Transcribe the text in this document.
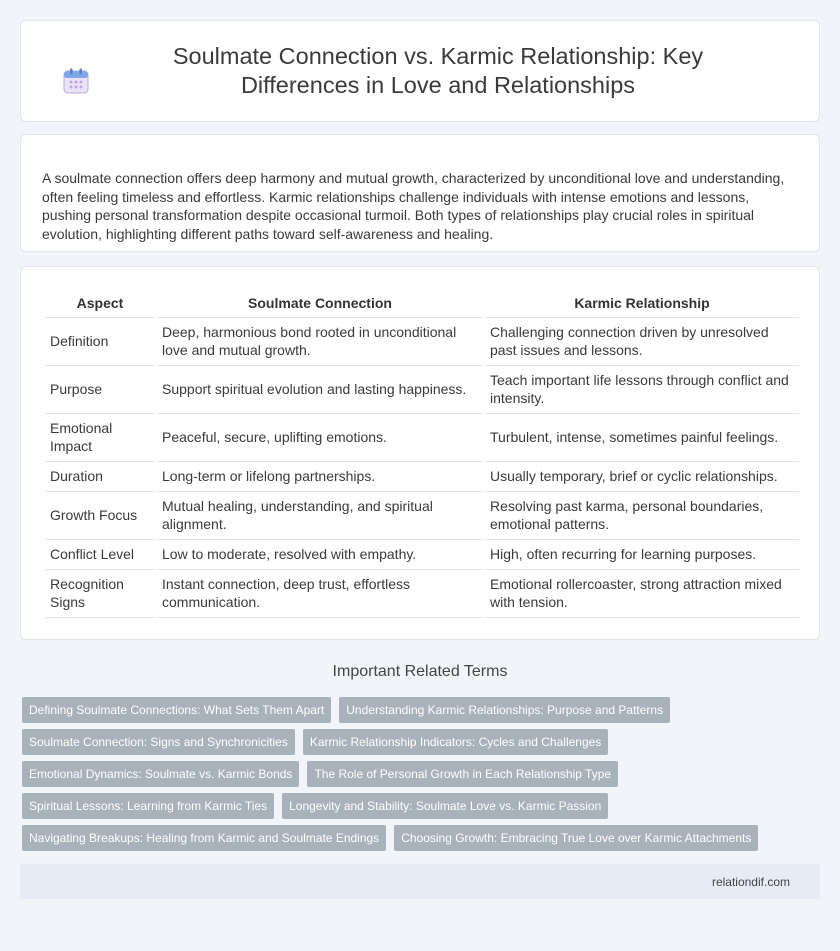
Soulmate Connection vs. Karmic Relationship: Key Differences in Love and Relationships

A soulmate connection offers deep harmony and mutual growth, characterized by unconditional love and understanding, often feeling timeless and effortless. Karmic relationships challenge individuals with intense emotions and lessons, pushing personal transformation despite occasional turmoil. Both types of relationships play crucial roles in spiritual evolution, highlighting different paths toward self-awareness and healing.

Aspect	Soulmate Connection	Karmic Relationship
Definition	Deep, harmonious bond rooted in unconditional love and mutual growth.	Challenging connection driven by unresolved past issues and lessons.
Purpose	Support spiritual evolution and lasting happiness.	Teach important life lessons through conflict and intensity.
Emotional Impact	Peaceful, secure, uplifting emotions.	Turbulent, intense, sometimes painful feelings.
Duration	Long-term or lifelong partnerships.	Usually temporary, brief or cyclic relationships.
Growth Focus	Mutual healing, understanding, and spiritual alignment.	Resolving past karma, personal boundaries, emotional patterns.
Conflict Level	Low to moderate, resolved with empathy.	High, often recurring for learning purposes.
Recognition Signs	Instant connection, deep trust, effortless communication.	Emotional rollercoaster, strong attraction mixed with tension.
Important Related Terms
Defining Soulmate Connections: What Sets Them Apart	Understanding Karmic Relationships: Purpose and Patterns
Soulmate Connection: Signs and Synchronicities	Karmic Relationship Indicators: Cycles and Challenges
Emotional Dynamics: Soulmate vs. Karmic Bonds	The Role of Personal Growth in Each Relationship Type
Spiritual Lessons: Learning from Karmic Ties	Longevity and Stability: Soulmate Love vs. Karmic Passion
Navigating Breakups: Healing from Karmic and Soulmate Endings	Choosing Growth: Embracing True Love over Karmic Attachments
relationdif.com
